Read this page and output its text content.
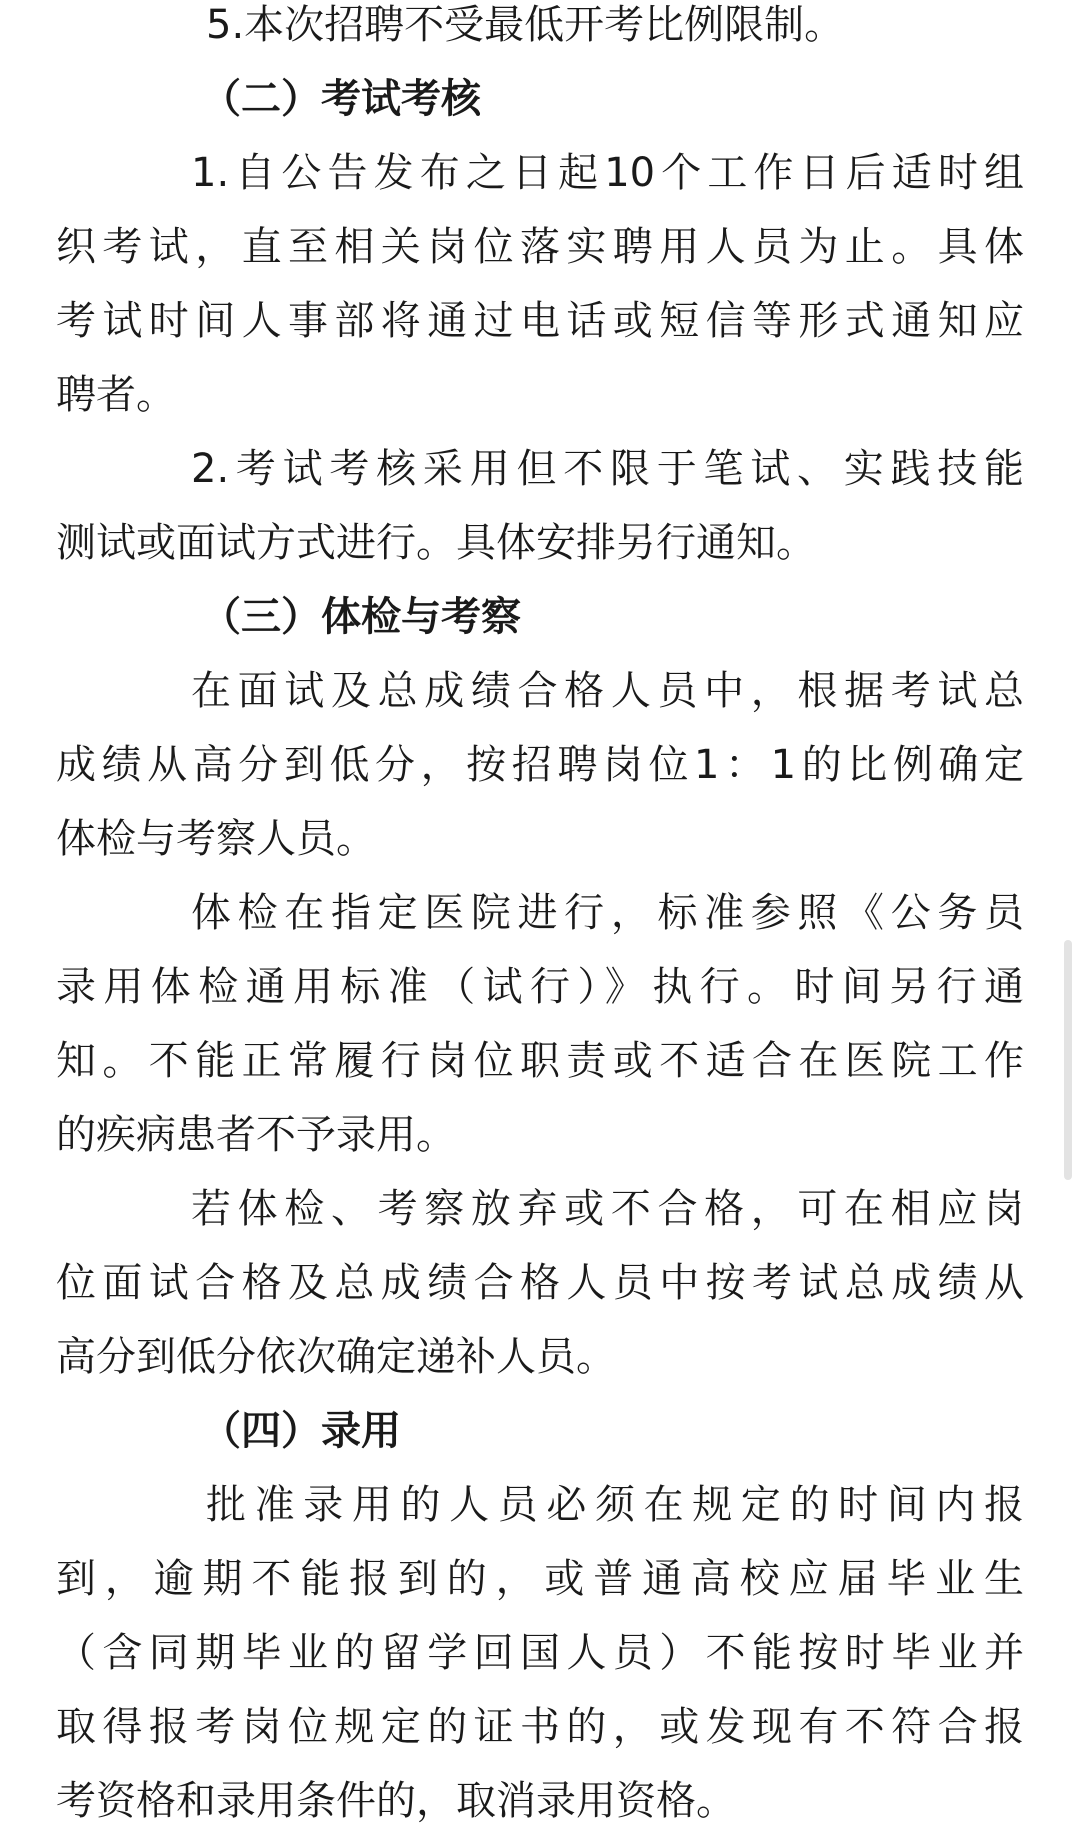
5.本次招聘不受最低开考比例限制。
（二）考试考核
1.自公告发布之日起10个工作日后适时组
织考试，直至相关岗位落实聘用人员为止。具体
考试时间人事部将通过电话或短信等形式通知应
聘者。
2.考试考核采用但不限于笔试、实践技能
测试或面试方式进行。具体安排另行通知。
（三）体检与考察
在面试及总成绩合格人员中，根据考试总
成绩从高分到低分，按招聘岗位1：1的比例确定
体检与考察人员。
体检在指定医院进行，标准参照《公务员
录用体检通用标准（试行）》执行。时间另行通
知。不能正常履行岗位职责或不适合在医院工作
的疾病患者不予录用。
若体检、考察放弃或不合格，可在相应岗
位面试合格及总成绩合格人员中按考试总成绩从
高分到低分依次确定递补人员。
（四）录用
批准录用的人员必须在规定的时间内报
到，逾期不能报到的，或普通高校应届毕业生
（含同期毕业的留学回国人员）不能按时毕业并
取得报考岗位规定的证书的，或发现有不符合报
考资格和录用条件的，取消录用资格。
